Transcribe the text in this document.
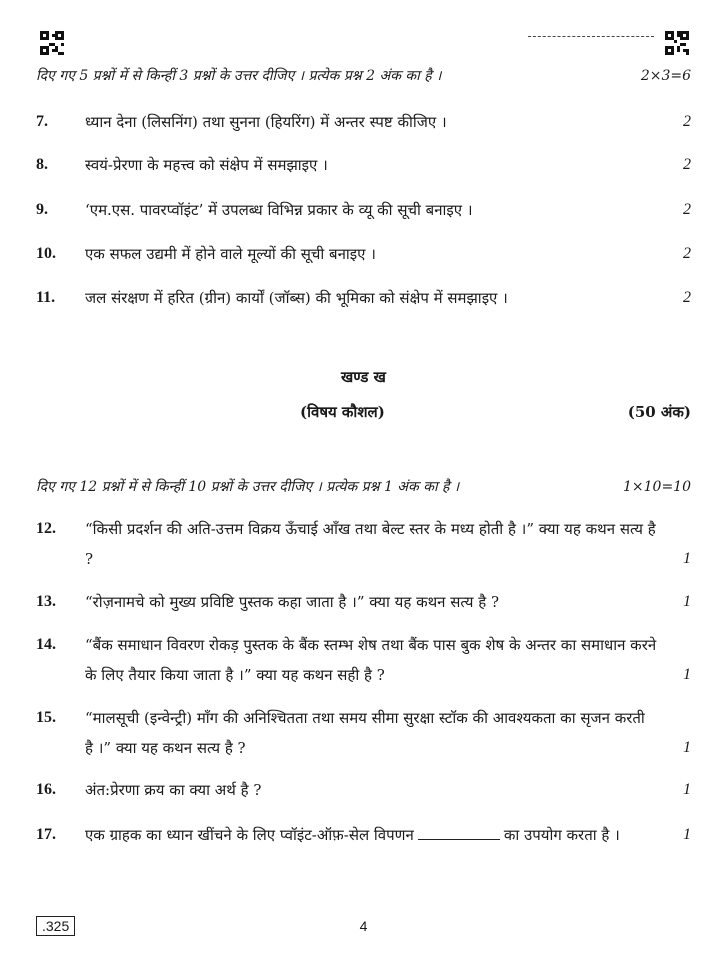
दिए गए 5 प्रश्नों में से किन्हीं 3 प्रश्नों के उत्तर दीजिए । प्रत्येक प्रश्न 2 अंक का है ।	2×3=6
7. ध्यान देना (लिसनिंग) तथा सुनना (हियरिंग) में अन्तर स्पष्ट कीजिए ।	2
8. स्वयं-प्रेरणा के महत्त्व को संक्षेप में समझाइए ।	2
9. ‘एम.एस. पावरप्वॉइंट’ में उपलब्ध विभिन्न प्रकार के व्यू की सूची बनाइए ।	2
10. एक सफल उद्यमी में होने वाले मूल्यों की सूची बनाइए ।	2
11. जल संरक्षण में हरित (ग्रीन) कार्यों (जॉब्स) की भूमिका को संक्षेप में समझाइए ।	2
खण्ड ख
(विषय कौशल)	(50 अंक)
दिए गए 12 प्रश्नों में से किन्हीं 10 प्रश्नों के उत्तर दीजिए । प्रत्येक प्रश्न 1 अंक का है ।	1×10=10
12. “किसी प्रदर्शन की अति-उत्तम विक्रय ऊँचाई आँख तथा बेल्ट स्तर के मध्य होती है ।” क्या यह कथन सत्य है ?	1
13. “रोज़नामचे को मुख्य प्रविष्टि पुस्तक कहा जाता है ।” क्या यह कथन सत्य है ?	1
14. “बैंक समाधान विवरण रोकड़ पुस्तक के बैंक स्तम्भ शेष तथा बैंक पास बुक शेष के अन्तर का समाधान करने के लिए तैयार किया जाता है ।” क्या यह कथन सही है ?	1
15. “मालसूची (इन्वेन्ट्री) माँग की अनिश्चितता तथा समय सीमा सुरक्षा स्टॉक की आवश्यकता का सृजन करती है ।” क्या यह कथन सत्य है ?	1
16. अंत:प्रेरणा क्रय का क्या अर्थ है ?	1
17. एक ग्राहक का ध्यान खींचने के लिए प्वॉइंट-ऑफ़-सेल विपणन	का उपयोग करता है ।	1
.325	4
